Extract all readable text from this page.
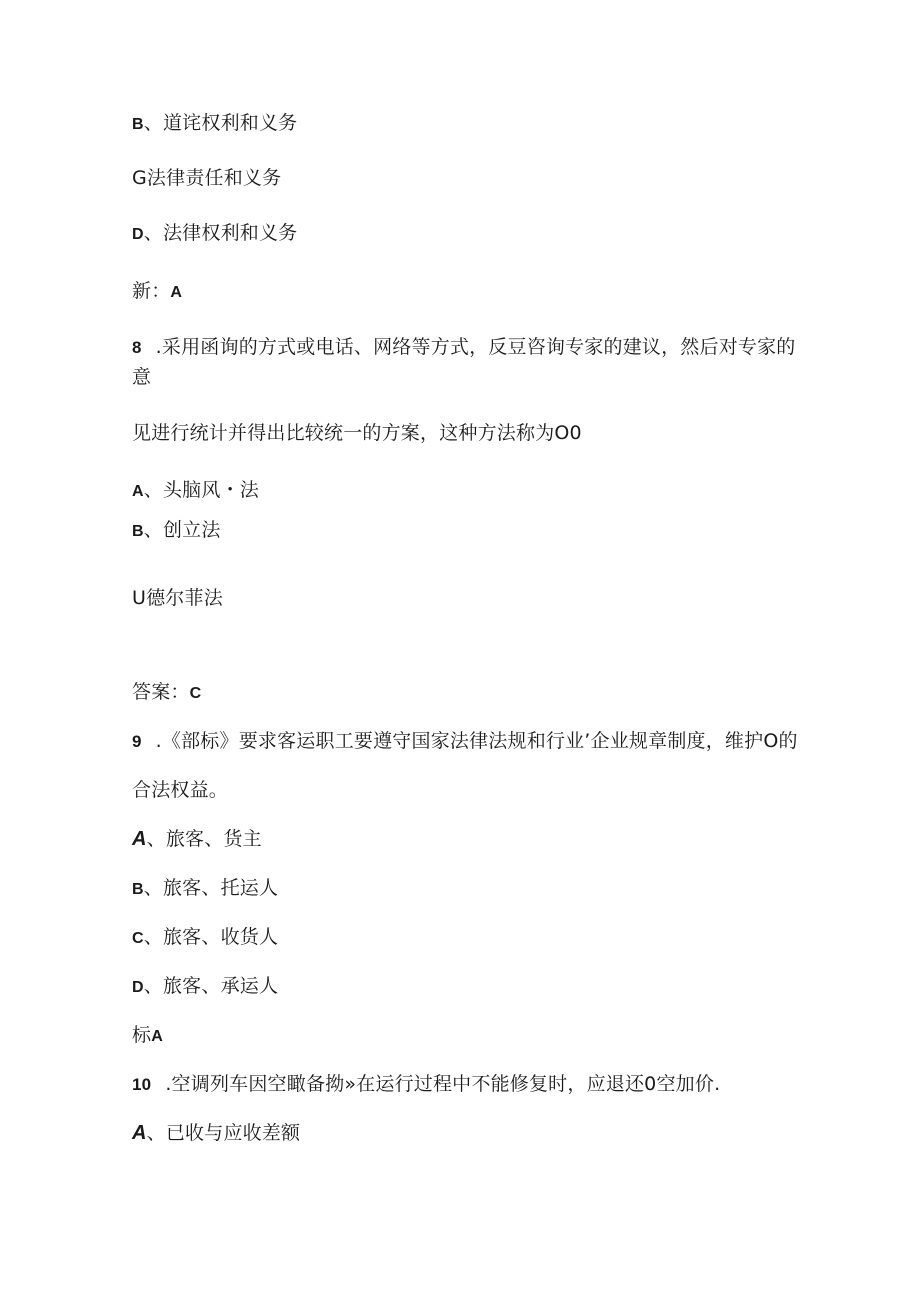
B、道诧权利和义务
G法律责任和义务
D、法律权利和义务
新：A
8 .采用函询的方式或电话、网络等方式，反豆咨询专家的建议，然后对专家的
意
见进行统计并得出比较统一的方案，这种方法称为O0
A、头脑风・法
B、创立法
U德尔菲法
答案：C
9 .《部标》要求客运职工要遵守国家法律法规和行业’企业规章制度，维护O的
合法权益。
A、旅客、货主
B、旅客、托运人
C、旅客、收货人
D、旅客、承运人
标A
10 .空调列车因空瞰备拗»在运行过程中不能修复时，应退还0空加价.
A、已收与应收差额
